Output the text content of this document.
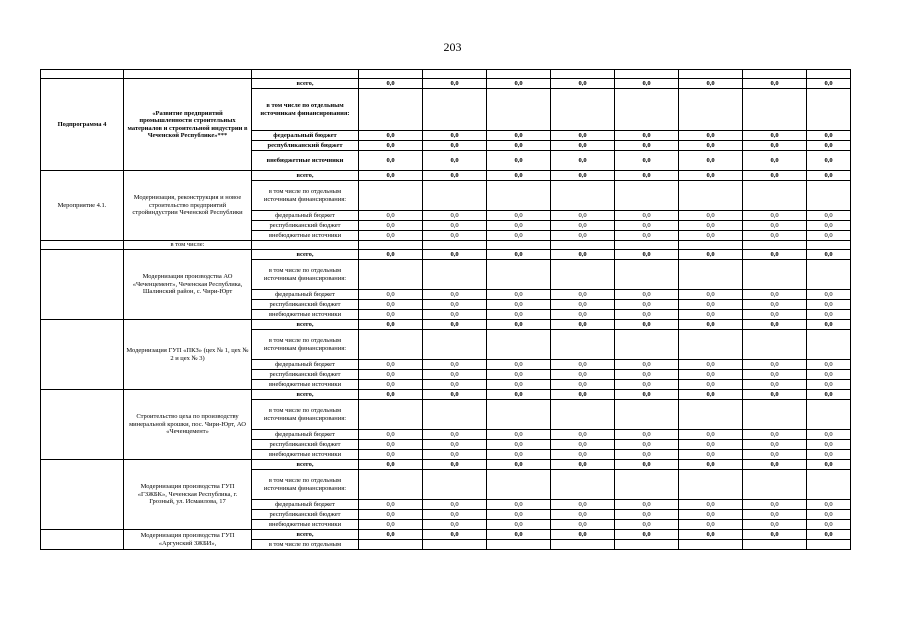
203

Подпрограмма 4	«Развитие предприятий промышленности строительных материалов и строительной индустрии в Чеченской Республике»***	всего,	0,0	0,0	0,0	0,0	0,0	0,0	0,0	0,0
		в том числе по отдельным источникам финансирования:								
		федеральный бюджет	0,0	0,0	0,0	0,0	0,0	0,0	0,0	0,0
		республиканский бюджет	0,0	0,0	0,0	0,0	0,0	0,0	0,0	0,0
		внебюджетные источники	0,0	0,0	0,0	0,0	0,0	0,0	0,0	0,0
Мероприятие 4.1.	Модернизация, реконструкция и новое строительство предприятий стройиндустрии Чеченской Республики	всего,	0,0	0,0	0,0	0,0	0,0	0,0	0,0	0,0
		в том числе по отдельным источникам финансирования:								
		федеральный бюджет	0,0	0,0	0,0	0,0	0,0	0,0	0,0	0,0
		республиканский бюджет	0,0	0,0	0,0	0,0	0,0	0,0	0,0	0,0
		внебюджетные источники	0,0	0,0	0,0	0,0	0,0	0,0	0,0	0,0
	в том числе:									
	Модернизация производства АО «Чеченцемент», Чеченская Республика, Шалинский район, с. Чири-Юрт	всего,	0,0	0,0	0,0	0,0	0,0	0,0	0,0	0,0
		в том числе по отдельным источникам финансирования:								
		федеральный бюджет	0,0	0,0	0,0	0,0	0,0	0,0	0,0	0,0
		республиканский бюджет	0,0	0,0	0,0	0,0	0,0	0,0	0,0	0,0
		внебюджетные источники	0,0	0,0	0,0	0,0	0,0	0,0	0,0	0,0
	Модернизация ГУП «ПКЗ» (цех № 1, цех № 2 и цех № 3)	всего,	0,0	0,0	0,0	0,0	0,0	0,0	0,0	0,0
		в том числе по отдельным источникам финансирования:								
		федеральный бюджет	0,0	0,0	0,0	0,0	0,0	0,0	0,0	0,0
		республиканский бюджет	0,0	0,0	0,0	0,0	0,0	0,0	0,0	0,0
		внебюджетные источники	0,0	0,0	0,0	0,0	0,0	0,0	0,0	0,0
	Строительство цеха по производству минеральной крошки, пос. Чири-Юрт, АО «Чеченцемент»	всего,	0,0	0,0	0,0	0,0	0,0	0,0	0,0	0,0
		в том числе по отдельным источникам финансирования:								
		федеральный бюджет	0,0	0,0	0,0	0,0	0,0	0,0	0,0	0,0
		республиканский бюджет	0,0	0,0	0,0	0,0	0,0	0,0	0,0	0,0
		внебюджетные источники	0,0	0,0	0,0	0,0	0,0	0,0	0,0	0,0
	Модернизация производства ГУП «ГЗЖБК», Чеченская Республика, г. Грозный, ул. Исмаилова, 17	всего,	0,0	0,0	0,0	0,0	0,0	0,0	0,0	0,0
		в том числе по отдельным источникам финансирования:								
		федеральный бюджет	0,0	0,0	0,0	0,0	0,0	0,0	0,0	0,0
		республиканский бюджет	0,0	0,0	0,0	0,0	0,0	0,0	0,0	0,0
		внебюджетные источники	0,0	0,0	0,0	0,0	0,0	0,0	0,0	0,0
	Модернизация производства ГУП «Аргунский ЗЖБИ»,	всего,	0,0	0,0	0,0	0,0	0,0	0,0	0,0	0,0
		в том числе по отдельным								
